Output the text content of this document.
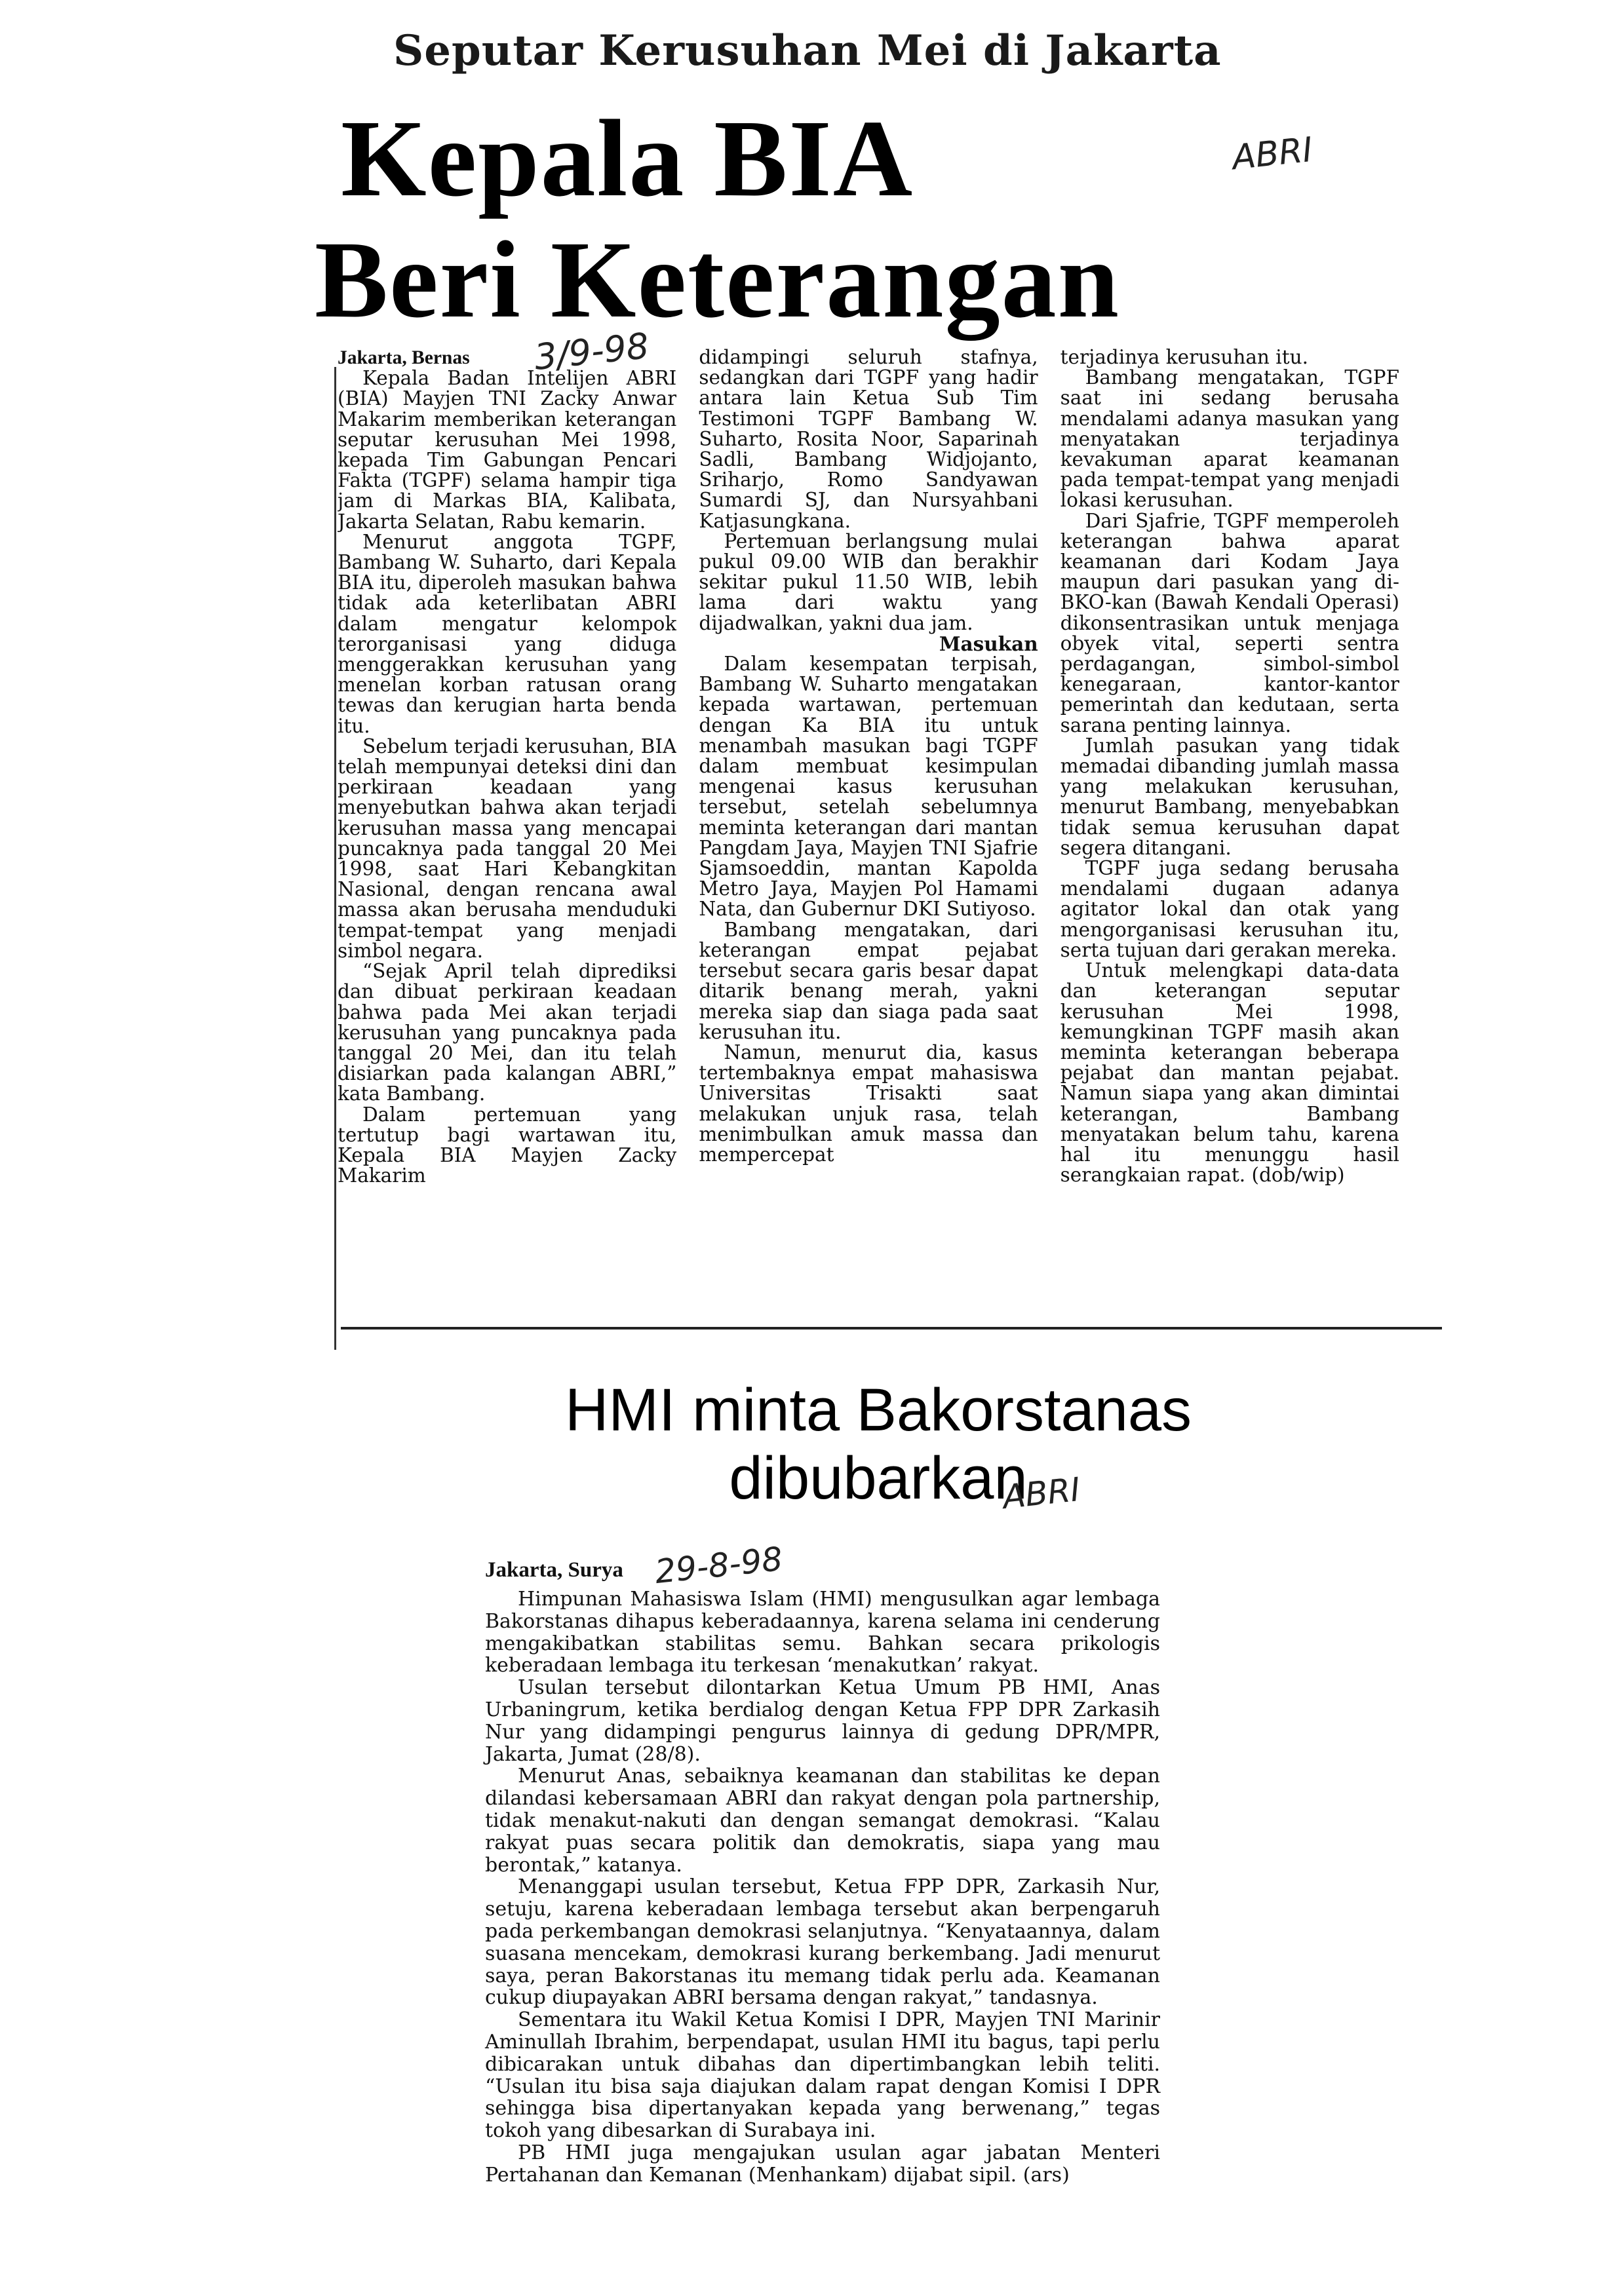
Seputar Kerusuhan Mei di Jakarta
Kepala BIA
Beri Keterangan
ABRI
3/9-98

Jakarta, Bernas
Kepala Badan Intelijen ABRI (BIA) Mayjen TNI Zacky Anwar Makarim memberikan keterangan seputar kerusuhan Mei 1998, kepada Tim Gabungan Pencari Fakta (TGPF) selama hampir tiga jam di Markas BIA, Kalibata, Jakarta Selatan, Rabu kemarin.

Menurut anggota TGPF, Bambang W. Suharto, dari Kepala BIA itu, diperoleh masukan bahwa tidak ada keterlibatan ABRI dalam mengatur kelompok terorganisasi yang diduga menggerakkan kerusuhan yang menelan korban ratusan orang tewas dan kerugian harta benda itu.

Sebelum terjadi kerusuhan, BIA telah mempunyai deteksi dini dan perkiraan keadaan yang menyebutkan bahwa akan terjadi kerusuhan massa yang mencapai puncaknya pada tanggal 20 Mei 1998, saat Hari Kebangkitan Nasional, dengan rencana awal massa akan berusaha menduduki tempat-tempat yang menjadi simbol negara.

“Sejak April telah diprediksi dan dibuat perkiraan keadaan bahwa pada Mei akan terjadi kerusuhan yang puncaknya pada tanggal 20 Mei, dan itu telah disiarkan pada kalangan ABRI,” kata Bambang.

Dalam pertemuan yang tertutup bagi wartawan itu, Kepala BIA Mayjen Zacky Makarim

didampingi seluruh stafnya, sedangkan dari TGPF yang hadir antara lain Ketua Sub Tim Testimoni TGPF Bambang W. Suharto, Rosita Noor, Saparinah Sadli, Bambang Widjojanto, Sriharjo, Romo Sandyawan Sumardi SJ, dan Nursyahbani Katjasungkana.

Pertemuan berlangsung mulai pukul 09.00 WIB dan berakhir sekitar pukul 11.50 WIB, lebih lama dari waktu yang dijadwalkan, yakni dua jam.

Masukan

Dalam kesempatan terpisah, Bambang W. Suharto mengatakan kepada wartawan, pertemuan dengan Ka BIA itu untuk menambah masukan bagi TGPF dalam membuat kesimpulan mengenai kasus kerusuhan tersebut, setelah sebelumnya meminta keterangan dari mantan Pangdam Jaya, Mayjen TNI Sjafrie Sjamsoeddin, mantan Kapolda Metro Jaya, Mayjen Pol Hamami Nata, dan Gubernur DKI Sutiyoso.

Bambang mengatakan, dari keterangan empat pejabat tersebut secara garis besar dapat ditarik benang merah, yakni mereka siap dan siaga pada saat kerusuhan itu.

Namun, menurut dia, kasus tertembaknya empat mahasiswa Universitas Trisakti saat melakukan unjuk rasa, telah menimbulkan amuk massa dan mempercepat

terjadinya kerusuhan itu.

Bambang mengatakan, TGPF saat ini sedang berusaha mendalami adanya masukan yang menyatakan terjadinya kevakuman aparat keamanan pada tempat-tempat yang menjadi lokasi kerusuhan.

Dari Sjafrie, TGPF memperoleh keterangan bahwa aparat keamanan dari Kodam Jaya maupun dari pasukan yang di-BKO-kan (Bawah Kendali Operasi) dikonsentrasikan untuk menjaga obyek vital, seperti sentra perdagangan, simbol-simbol kenegaraan, kantor-kantor pemerintah dan kedutaan, serta sarana penting lainnya.

Jumlah pasukan yang tidak memadai dibanding jumlah massa yang melakukan kerusuhan, menurut Bambang, menyebabkan tidak semua kerusuhan dapat segera ditangani.

TGPF juga sedang berusaha mendalami dugaan adanya agitator lokal dan otak yang mengorganisasi kerusuhan itu, serta tujuan dari gerakan mereka.

Untuk melengkapi data-data dan keterangan seputar kerusuhan Mei 1998, kemungkinan TGPF masih akan meminta keterangan beberapa pejabat dan mantan pejabat. Namun siapa yang akan dimintai keterangan, Bambang menyatakan belum tahu, karena hal itu menunggu hasil serangkaian rapat. (dob/wip)

HMI minta Bakorstanas
dibubarkan
ABRI
Jakarta, Surya 29-8-98

Himpunan Mahasiswa Islam (HMI) mengusulkan agar lembaga Bakorstanas dihapus keberadaannya, karena selama ini cenderung mengakibatkan stabilitas semu. Bahkan secara prikologis keberadaan lembaga itu terkesan ‘menakutkan’ rakyat.

Usulan tersebut dilontarkan Ketua Umum PB HMI, Anas Urbaningrum, ketika berdialog dengan Ketua FPP DPR Zarkasih Nur yang didampingi pengurus lainnya di gedung DPR/MPR, Jakarta, Jumat (28/8).

Menurut Anas, sebaiknya keamanan dan stabilitas ke depan dilandasi kebersamaan ABRI dan rakyat dengan pola partnership, tidak menakut-nakuti dan dengan semangat demokrasi. “Kalau rakyat puas secara politik dan demokratis, siapa yang mau berontak,” katanya.

Menanggapi usulan tersebut, Ketua FPP DPR, Zarkasih Nur, setuju, karena keberadaan lembaga tersebut akan berpengaruh pada perkembangan demokrasi selanjutnya. “Kenyataannya, dalam suasana mencekam, demokrasi kurang berkembang. Jadi menurut saya, peran Bakorstanas itu memang tidak perlu ada. Keamanan cukup diupayakan ABRI bersama dengan rakyat,” tandasnya.

Sementara itu Wakil Ketua Komisi I DPR, Mayjen TNI Marinir Aminullah Ibrahim, berpendapat, usulan HMI itu bagus, tapi perlu dibicarakan untuk dibahas dan dipertimbangkan lebih teliti. “Usulan itu bisa saja diajukan dalam rapat dengan Komisi I DPR sehingga bisa dipertanyakan kepada yang berwenang,” tegas tokoh yang dibesarkan di Surabaya ini.

PB HMI juga mengajukan usulan agar jabatan Menteri Pertahanan dan Kemanan (Menhankam) dijabat sipil. (ars)
